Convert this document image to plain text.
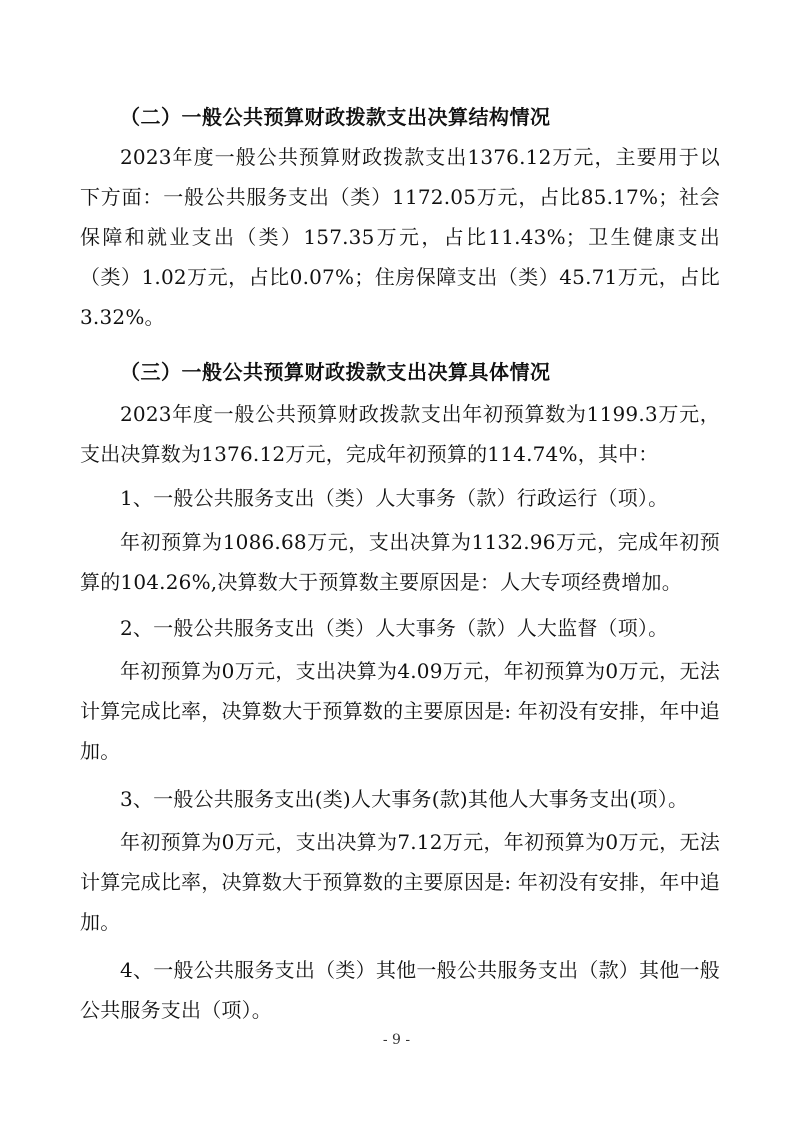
（二）一般公共预算财政拨款支出决算结构情况

2023年度一般公共预算财政拨款支出1376.12万元，主要用于以下方面：一般公共服务支出（类）1172.05万元，占比85.17%；社会保障和就业支出（类）157.35万元，占比11.43%；卫生健康支出（类）1.02万元，占比0.07%；住房保障支出（类）45.71万元，占比3.32%。

（三）一般公共预算财政拨款支出决算具体情况

2023年度一般公共预算财政拨款支出年初预算数为1199.3万元，支出决算数为1376.12万元，完成年初预算的114.74%，其中：

1、一般公共服务支出（类）人大事务（款）行政运行（项）。

年初预算为1086.68万元，支出决算为1132.96万元，完成年初预算的104.26%,决算数大于预算数主要原因是：人大专项经费增加。

2、一般公共服务支出（类）人大事务（款）人大监督（项）。

年初预算为0万元，支出决算为4.09万元，年初预算为0万元，无法计算完成比率，决算数大于预算数的主要原因是: 年初没有安排，年中追加。

3、一般公共服务支出(类)人大事务(款)其他人大事务支出(项）。

年初预算为0万元，支出决算为7.12万元，年初预算为0万元，无法计算完成比率，决算数大于预算数的主要原因是: 年初没有安排，年中追加。

4、一般公共服务支出（类）其他一般公共服务支出（款）其他一般公共服务支出（项）。

- 9 -
